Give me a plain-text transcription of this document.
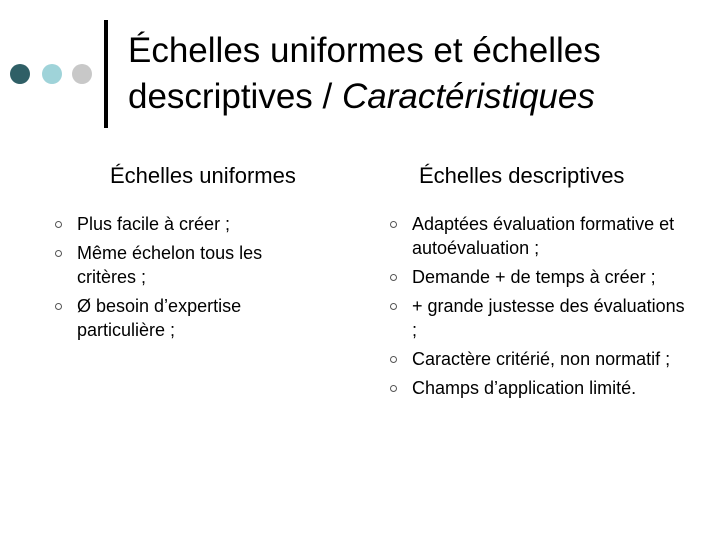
Échelles uniformes et échelles
descriptives / Caractéristiques
Échelles uniformes	Échelles descriptives
Plus facile à créer ;
Même échelon tous les critères ;
Ø besoin d’expertise particulière ;
Adaptées évaluation formative et autoévaluation ;
Demande + de temps à créer ;
+ grande justesse des évaluations ;
Caractère critérié, non normatif ;
Champs d’application limité.
